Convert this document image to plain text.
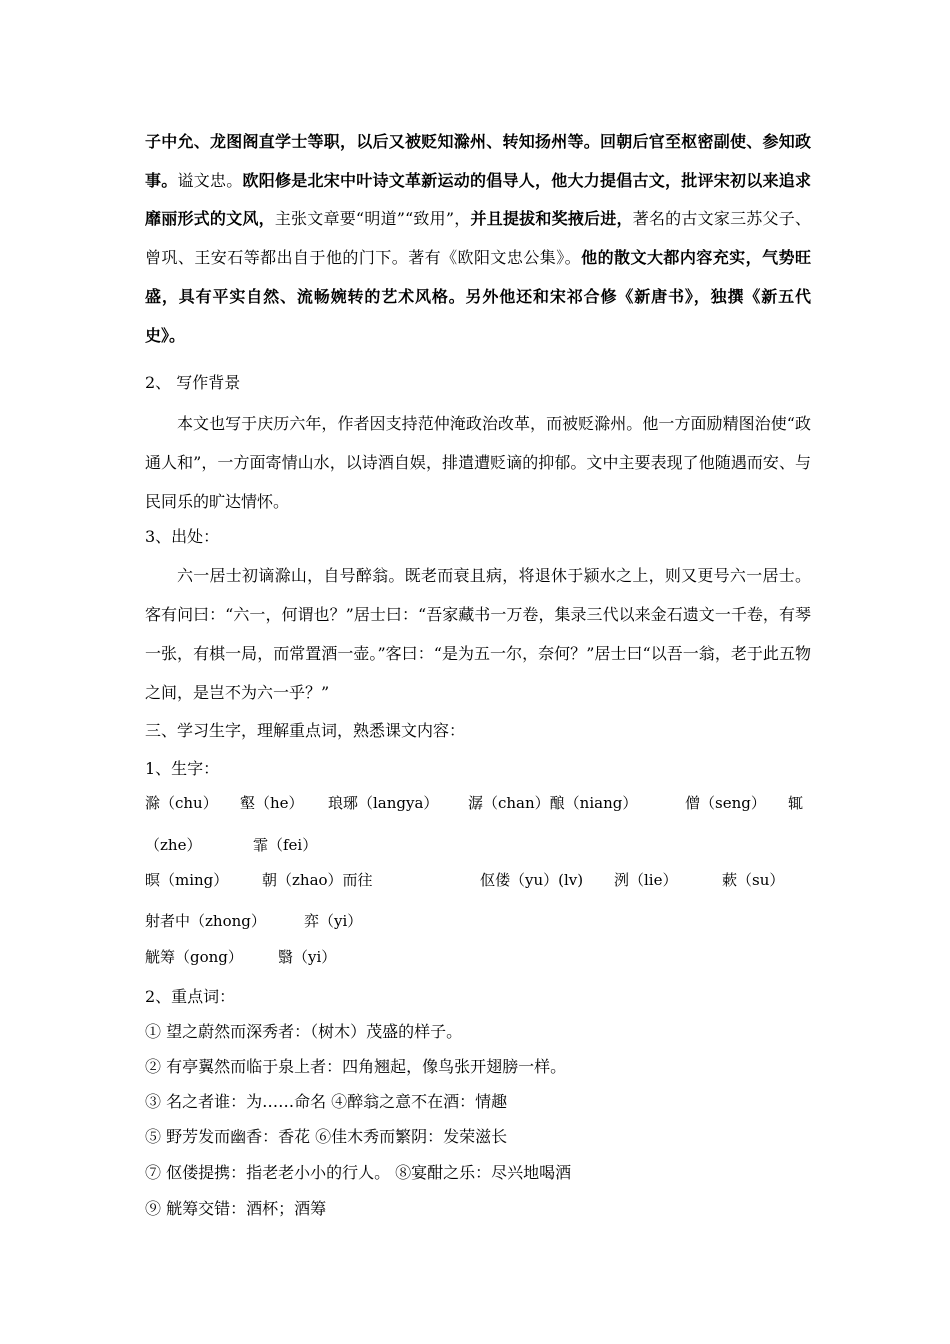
子中允、龙图阁直学士等职，以后又被贬知滁州、转知扬州等。回朝后官至枢密副使、参知政事。谥文忠。欧阳修是北宋中叶诗文革新运动的倡导人，他大力提倡古文，批评宋初以来追求靡丽形式的文风，主张文章要“明道”“致用”，并且提拔和奖掖后进，著名的古文家三苏父子、曾巩、王安石等都出自于他的门下。著有《欧阳文忠公集》。他的散文大都内容充实，气势旺盛，具有平实自然、流畅婉转的艺术风格。另外他还和宋祁合修《新唐书》，独撰《新五代史》。
2、 写作背景
本文也写于庆历六年，作者因支持范仲淹政治改革，而被贬滁州。他一方面励精图治使“政通人和”，一方面寄情山水，以诗酒自娱，排遣遭贬谪的抑郁。文中主要表现了他随遇而安、与民同乐的旷达情怀。
3、出处：
六一居士初谪滁山，自号醉翁。既老而衰且病，将退休于颍水之上，则又更号六一居士。客有问曰：“六一，何谓也？”居士曰：“吾家藏书一万卷，集录三代以来金石遗文一千卷，有琴一张，有棋一局，而常置酒一壶。”客曰：“是为五一尔，奈何？”居士曰“以吾一翁，老于此五物之间，是岂不为六一乎？”
三、学习生字，理解重点词，熟悉课文内容：
1、生字：
滁（chu） 壑（he） 琅琊（langya） 潺（chan）酿（niang）	僧（seng） 辄
（zhe）	霏（fei）
暝（ming） 朝（zhao）而往	伛偻（yu）(lv) 洌（lie）	蔌（su）
射者中（zhong）	弈（yi）
觥筹（gong） 翳（yi）
2、重点词：
① 望之蔚然而深秀者：（树木）茂盛的样子。
② 有亭翼然而临于泉上者：四角翘起，像鸟张开翅膀一样。
③ 名之者谁：为……命名 ④醉翁之意不在酒：情趣
⑤ 野芳发而幽香：香花 ⑥佳木秀而繁阴：发荣滋长
⑦ 伛偻提携：指老老小小的行人。 ⑧宴酣之乐：尽兴地喝酒
⑨ 觥筹交错：酒杯；酒筹
